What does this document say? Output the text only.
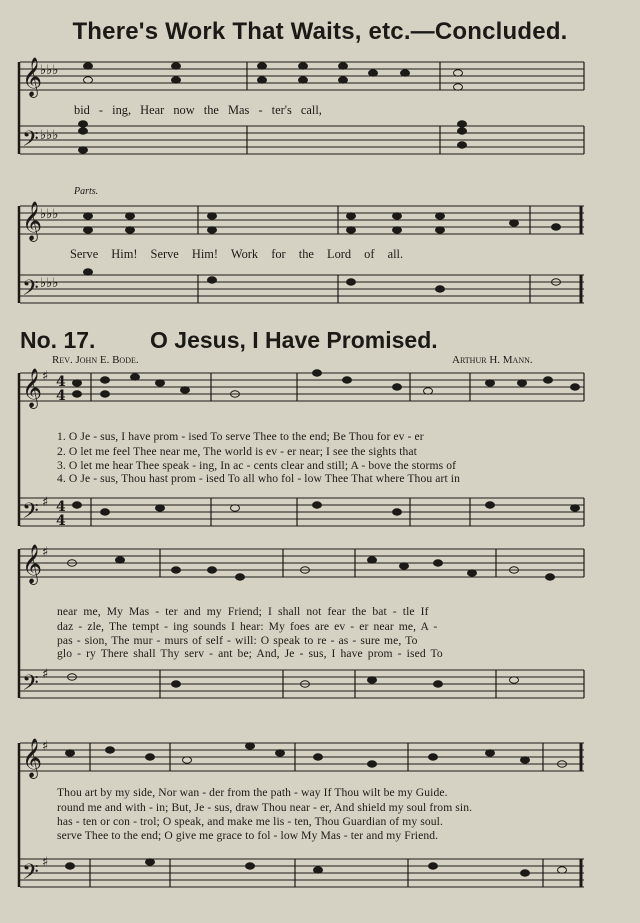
There's Work That Waits, etc.—Concluded.
𝄞
𝄢
♭♭♭
♭♭♭
𝄞
𝄢
♭♭♭
♭♭♭
𝄞
𝄢
♯
♯
4
4
4
4
𝄞
𝄢
♯
♯
𝄞
𝄢
♯
♯
bid - ing, Hear now the Mas - ter's call,
Parts.
Serve Him! Serve Him! Work for the Lord of all.
No. 17. O Jesus, I Have Promised.
Rev. John E. Bode.	Arthur H. Mann.
1. O Je - sus, I have prom - ised To serve Thee to the end; Be Thou for ev - er
2. O let me feel Thee near me, The world is ev - er near; I see the sights that
3. O let me hear Thee speak - ing, In ac - cents clear and still; A - bove the storms of
4. O Je - sus, Thou hast prom - ised To all who fol - low Thee That where Thou art in
near me, My Mas - ter and my Friend; I shall not fear the bat - tle If
daz - zle, The tempt - ing sounds I hear: My foes are ev - er near me, A -
pas - sion, The mur - murs of self - will: O speak to re - as - sure me, To
glo - ry There shall Thy serv - ant be; And, Je - sus, I have prom - ised To
Thou art by my side, Nor wan - der from the path - way If Thou wilt be my Guide.
round me and with - in; But, Je - sus, draw Thou near - er, And shield my soul from sin.
has - ten or con - trol; O speak, and make me lis - ten, Thou Guardian of my soul.
serve Thee to the end; O give me grace to fol - low My Mas - ter and my Friend.
